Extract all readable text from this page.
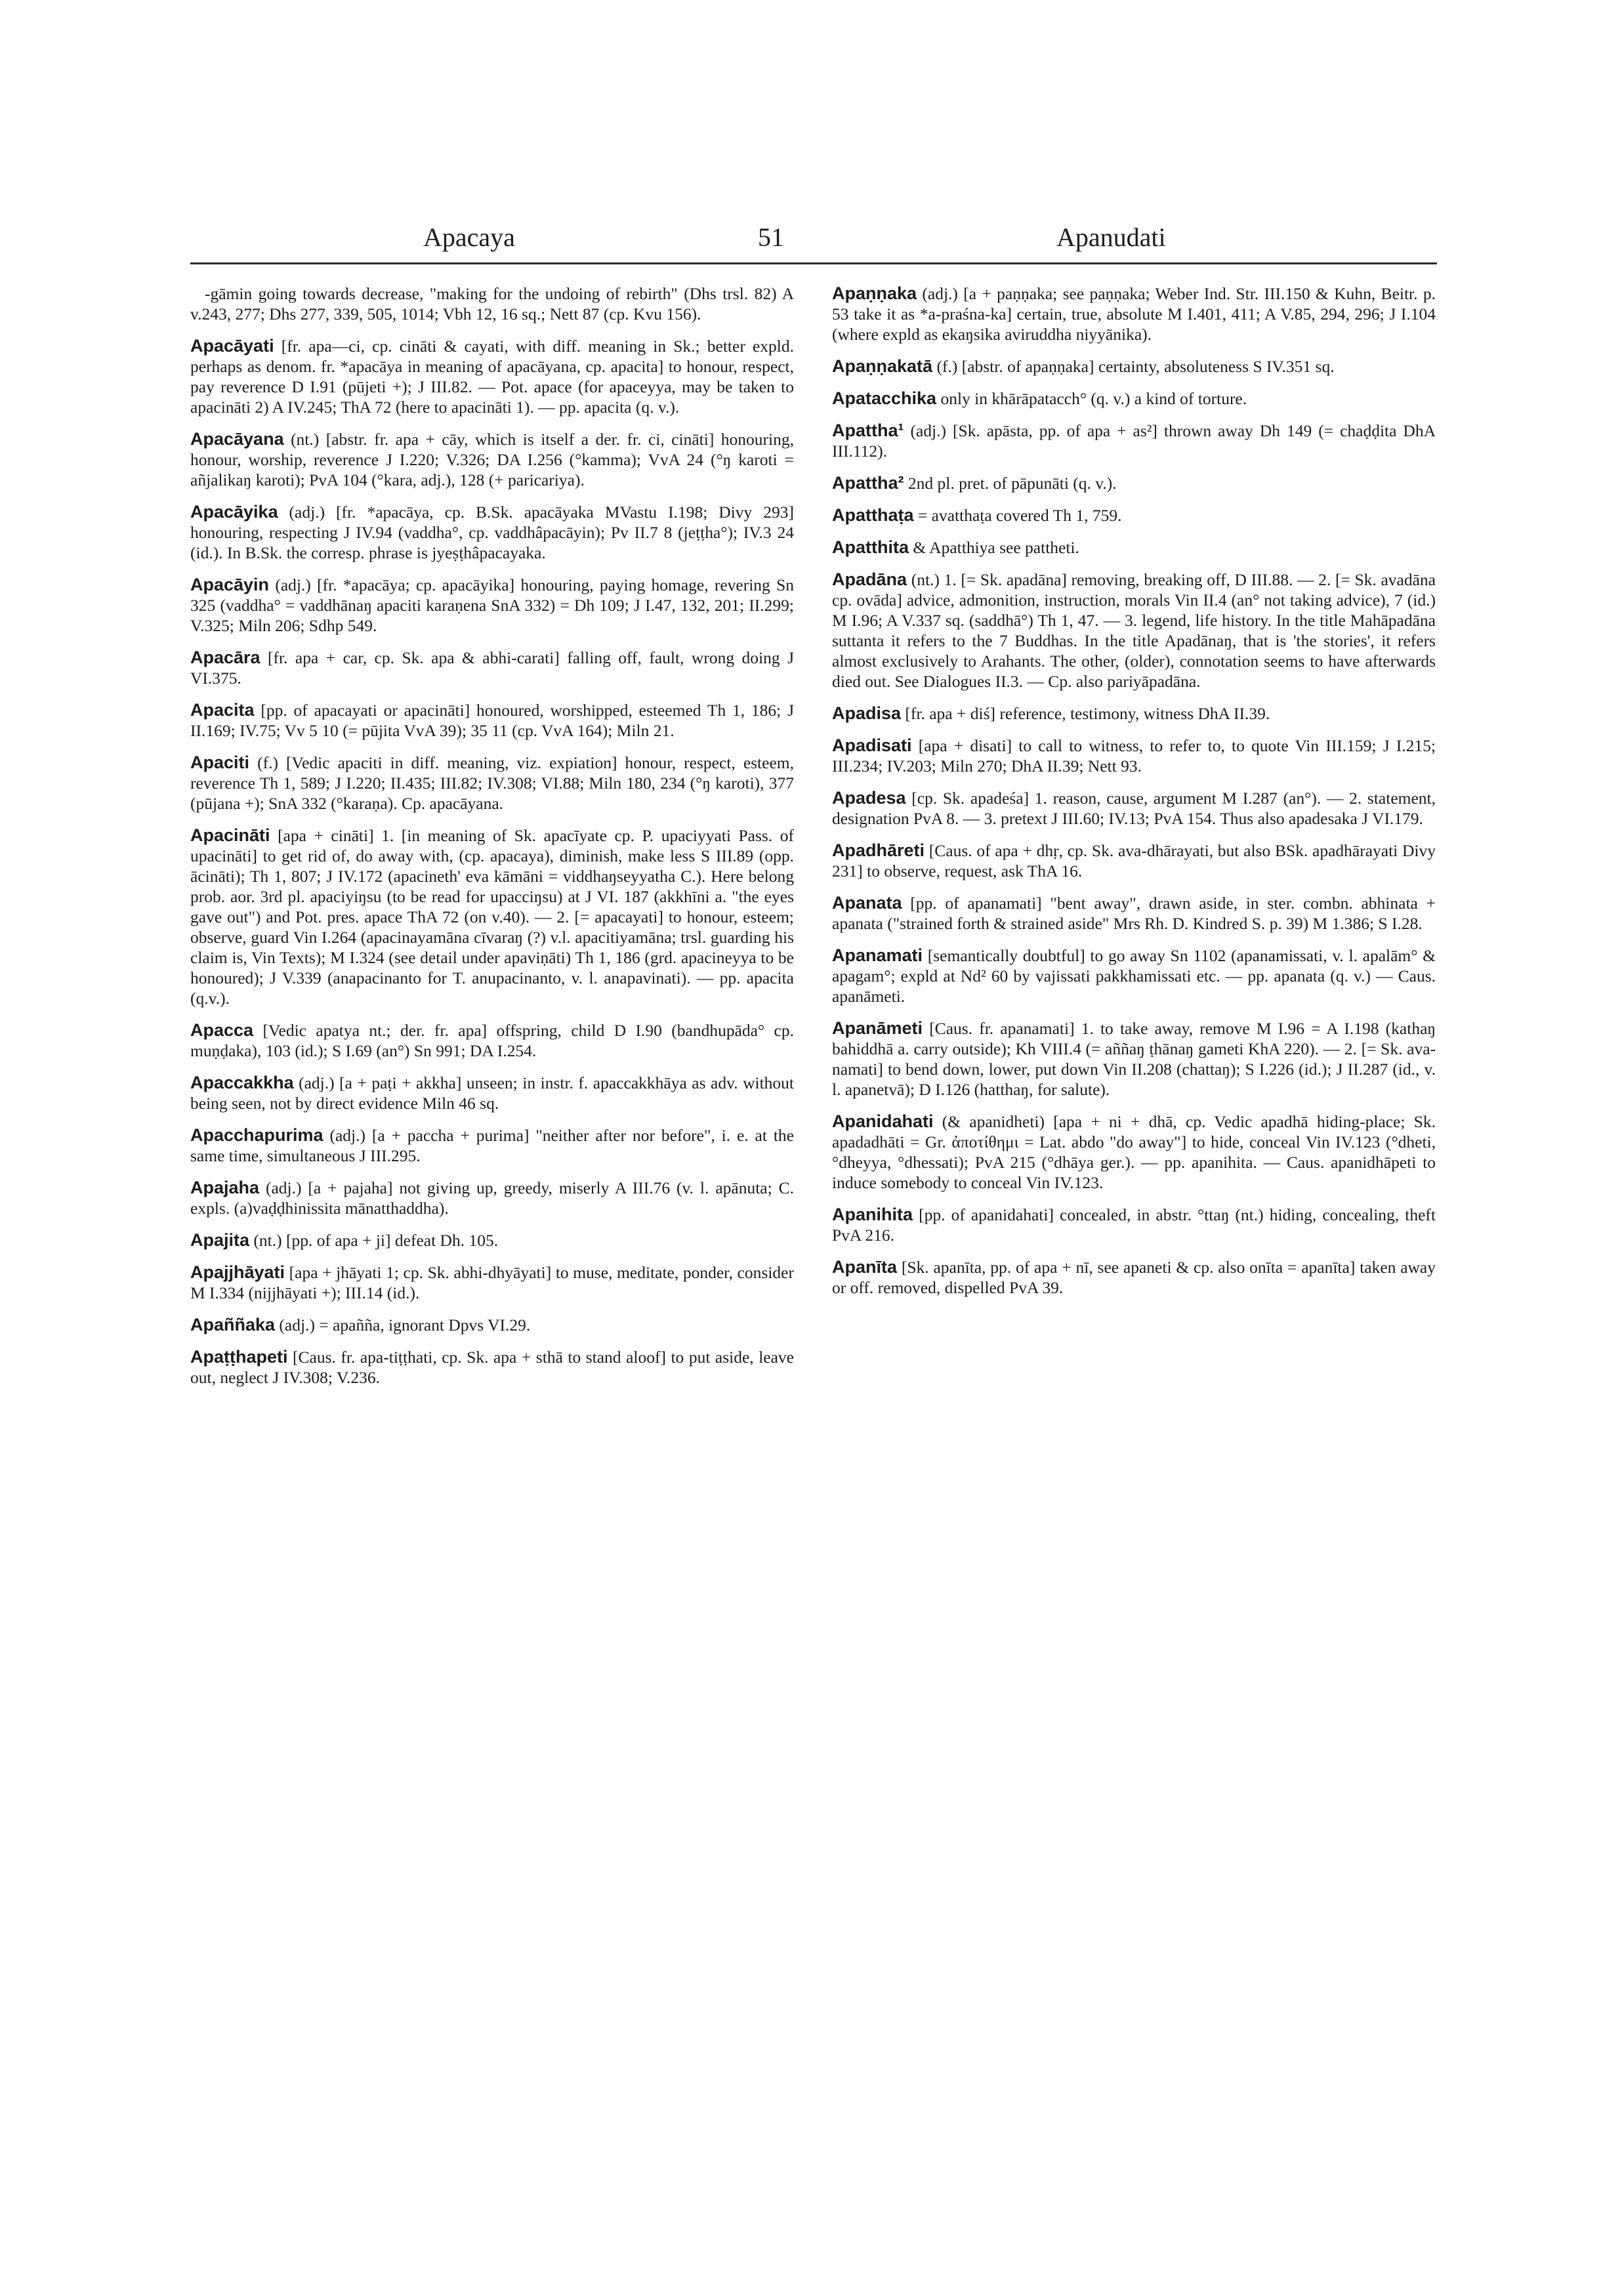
Apacaya	51	Apanudati

-gāmin going towards decrease, "making for the undoing of rebirth" (Dhs trsl. 82) A v.243, 277; Dhs 277, 339, 505, 1014; Vbh 12, 16 sq.; Nett 87 (cp. Kvu 156).

Apacāyati [fr. apa—ci, cp. cināti & cayati, with diff. meaning in Sk.; better expld. perhaps as denom. fr. *apacāya in meaning of apacāyana, cp. apacita] to honour, respect, pay reverence D I.91 (pūjeti +); J III.82. — Pot. apace (for apaceyya, may be taken to apacināti 2) A IV.245; ThA 72 (here to apacināti 1). — pp. apacita (q. v.).

Apacāyana (nt.) [abstr. fr. apa + cāy, which is itself a der. fr. ci, cināti] honouring, honour, worship, reverence J I.220; V.326; DA I.256 (°kamma); VvA 24 (°ŋ karoti = añjalikaŋ karoti); PvA 104 (°kara, adj.), 128 (+ paricariya).

Apacāyika (adj.) [fr. *apacāya, cp. B.Sk. apacāyaka MVastu I.198; Divy 293] honouring, respecting J IV.94 (vaddha°, cp. vaddhâpacāyin); Pv II.7 8 (jeṭṭha°); IV.3 24 (id.). In B.Sk. the corresp. phrase is jyeṣṭhâpacayaka.

Apacāyin (adj.) [fr. *apacāya; cp. apacāyika] honouring, paying homage, revering Sn 325 (vaddha° = vaddhānaŋ apaciti karaṇena SnA 332) = Dh 109; J I.47, 132, 201; II.299; V.325; Miln 206; Sdhp 549.

Apacāra [fr. apa + car, cp. Sk. apa & abhi-carati] falling off, fault, wrong doing J VI.375.

Apacita [pp. of apacayati or apacināti] honoured, worshipped, esteemed Th 1, 186; J II.169; IV.75; Vv 5 10 (= pūjita VvA 39); 35 11 (cp. VvA 164); Miln 21.

Apaciti (f.) [Vedic apaciti in diff. meaning, viz. expiation] honour, respect, esteem, reverence Th 1, 589; J I.220; II.435; III.82; IV.308; VI.88; Miln 180, 234 (°ŋ karoti), 377 (pūjana +); SnA 332 (°karaṇa). Cp. apacāyana.

Apacināti [apa + cināti] 1. [in meaning of Sk. apacīyate cp. P. upaciyyati Pass. of upacināti] to get rid of, do away with, (cp. apacaya), diminish, make less S III.89 (opp. ācināti); Th 1, 807; J IV.172 (apacineth' eva kāmāni = viddhaŋseyyatha C.). Here belong prob. aor. 3rd pl. apaciyiŋsu (to be read for upacciŋsu) at J VI. 187 (akkhīni a. "the eyes gave out") and Pot. pres. apace ThA 72 (on v.40). — 2. [= apacayati] to honour, esteem; observe, guard Vin I.264 (apacinayamāna cīvaraŋ (?) v.l. apacitiyamāna; trsl. guarding his claim is, Vin Texts); M I.324 (see detail under apaviṇāti) Th 1, 186 (grd. apacineyya to be honoured); J V.339 (anapacinanto for T. anupacinanto, v. l. anapavinati). — pp. apacita (q.v.).

Apacca [Vedic apatya nt.; der. fr. apa] offspring, child D I.90 (bandhupāda° cp. muṇḍaka), 103 (id.); S I.69 (an°) Sn 991; DA I.254.

Apaccakkha (adj.) [a + paṭi + akkha] unseen; in instr. f. apaccakkhāya as adv. without being seen, not by direct evidence Miln 46 sq.

Apacchapurima (adj.) [a + paccha + purima] "neither after nor before", i. e. at the same time, simultaneous J III.295.

Apajaha (adj.) [a + pajaha] not giving up, greedy, miserly A III.76 (v. l. apānuta; C. expls. (a)vaḍḍhinissita mānatthaddha).

Apajita (nt.) [pp. of apa + ji] defeat Dh. 105.

Apajjhāyati [apa + jhāyati 1; cp. Sk. abhi-dhyāyati] to muse, meditate, ponder, consider M I.334 (nijjhāyati +); III.14 (id.).

Apaññaka (adj.) = apañña, ignorant Dpvs VI.29.

Apaṭṭhapeti [Caus. fr. apa-tiṭṭhati, cp. Sk. apa + sthā to stand aloof] to put aside, leave out, neglect J IV.308; V.236.

Apaṇṇaka (adj.) [a + paṇṇaka; see paṇṇaka; Weber Ind. Str. III.150 & Kuhn, Beitr. p. 53 take it as *a-praśna-ka] certain, true, absolute M I.401, 411; A V.85, 294, 296; J I.104 (where expld as ekaŋsika aviruddha niyyānika).

Apaṇṇakatā (f.) [abstr. of apaṇṇaka] certainty, absoluteness S IV.351 sq.

Apatacchika only in khārāpatacch° (q. v.) a kind of torture.

Apattha¹ (adj.) [Sk. apāsta, pp. of apa + as²] thrown away Dh 149 (= chaḍḍita DhA III.112).

Apattha² 2nd pl. pret. of pāpunāti (q. v.).

Apatthaṭa = avatthaṭa covered Th 1, 759.

Apatthita & Apatthiya see pattheti.

Apadāna (nt.) 1. [= Sk. apadāna] removing, breaking off, D III.88. — 2. [= Sk. avadāna cp. ovāda] advice, admonition, instruction, morals Vin II.4 (an° not taking advice), 7 (id.) M I.96; A V.337 sq. (saddhā°) Th 1, 47. — 3. legend, life history. In the title Mahāpadāna suttanta it refers to the 7 Buddhas. In the title Apadānaŋ, that is 'the stories', it refers almost exclusively to Arahants. The other, (older), connotation seems to have afterwards died out. See Dialogues II.3. — Cp. also pariyāpadāna.

Apadisa [fr. apa + diś] reference, testimony, witness DhA II.39.

Apadisati [apa + disati] to call to witness, to refer to, to quote Vin III.159; J I.215; III.234; IV.203; Miln 270; DhA II.39; Nett 93.

Apadesa [cp. Sk. apadeśa] 1. reason, cause, argument M I.287 (an°). — 2. statement, designation PvA 8. — 3. pretext J III.60; IV.13; PvA 154. Thus also apadesaka J VI.179.

Apadhāreti [Caus. of apa + dhṛ, cp. Sk. ava-dhārayati, but also BSk. apadhārayati Divy 231] to observe, request, ask ThA 16.

Apanata [pp. of apanamati] "bent away", drawn aside, in ster. combn. abhinata + apanata ("strained forth & strained aside" Mrs Rh. D. Kindred S. p. 39) M 1.386; S I.28.

Apanamati [semantically doubtful] to go away Sn 1102 (apanamissati, v. l. apalām° & apagam°; expld at Nd² 60 by vajissati pakkhamissati etc. — pp. apanata (q. v.) — Caus. apanāmeti.

Apanāmeti [Caus. fr. apanamati] 1. to take away, remove M I.96 = A I.198 (kathaŋ bahiddhā a. carry outside); Kh VIII.4 (= aññaŋ ṭhānaŋ gameti KhA 220). — 2. [= Sk. ava-namati] to bend down, lower, put down Vin II.208 (chattaŋ); S I.226 (id.); J II.287 (id., v. l. apanetvā); D I.126 (hatthaŋ, for salute).

Apanidahati (& apanidheti) [apa + ni + dhā, cp. Vedic apadhā hiding-place; Sk. apadadhāti = Gr. ἀποτίθημι = Lat. abdo "do away"] to hide, conceal Vin IV.123 (°dheti, °dheyya, °dhessati); PvA 215 (°dhāya ger.). — pp. apanihita. — Caus. apanidhāpeti to induce somebody to conceal Vin IV.123.

Apanihita [pp. of apanidahati] concealed, in abstr. °ttaŋ (nt.) hiding, concealing, theft PvA 216.

Apanīta [Sk. apanīta, pp. of apa + nī, see apaneti & cp. also onīta = apanīta] taken away or off. removed, dispelled PvA 39.
